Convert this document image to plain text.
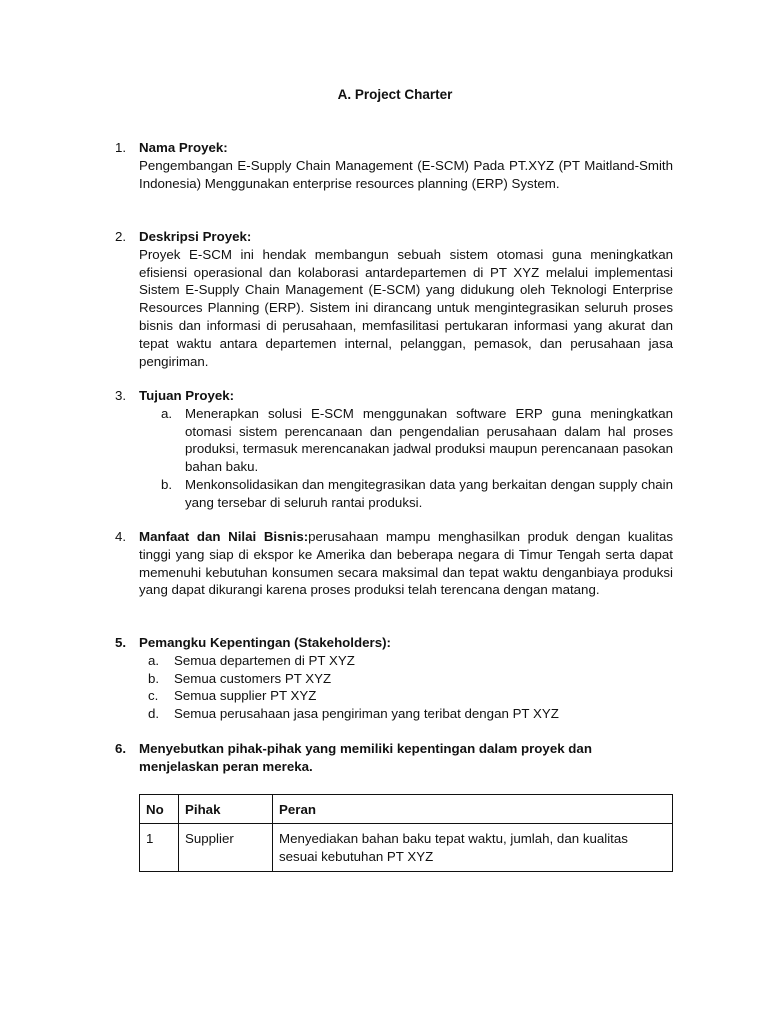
A. Project Charter
1. Nama Proyek:
Pengembangan E-Supply Chain Management (E-SCM) Pada PT.XYZ (PT Maitland-Smith Indonesia) Menggunakan enterprise resources planning (ERP) System.
2. Deskripsi Proyek:
Proyek E-SCM ini hendak membangun sebuah sistem otomasi guna meningkatkan efisiensi operasional dan kolaborasi antardepartemen di PT XYZ melalui implementasi Sistem E-Supply Chain Management (E-SCM) yang didukung oleh Teknologi Enterprise Resources Planning (ERP). Sistem ini dirancang untuk mengintegrasikan seluruh proses bisnis dan informasi di perusahaan, memfasilitasi pertukaran informasi yang akurat dan tepat waktu antara departemen internal, pelanggan, pemasok, dan perusahaan jasa pengiriman.
3. Tujuan Proyek:
a. Menerapkan solusi E-SCM menggunakan software ERP guna meningkatkan otomasi sistem perencanaan dan pengendalian perusahaan dalam hal proses produksi, termasuk merencanakan jadwal produksi maupun perencanaan pasokan bahan baku.
b. Menkonsolidasikan dan mengitegrasikan data yang berkaitan dengan supply chain yang tersebar di seluruh rantai produksi.
4. Manfaat dan Nilai Bisnis:perusahaan mampu menghasilkan produk dengan kualitas tinggi yang siap di ekspor ke Amerika dan beberapa negara di Timur Tengah serta dapat memenuhi kebutuhan konsumen secara maksimal dan tepat waktu denganbiaya produksi yang dapat dikurangi karena proses produksi telah terencana dengan matang.
5. Pemangku Kepentingan (Stakeholders):
a. Semua departemen di PT XYZ
b. Semua customers PT XYZ
c. Semua supplier PT XYZ
d. Semua perusahaan jasa pengiriman yang teribat dengan PT XYZ
6. Menyebutkan pihak-pihak yang memiliki kepentingan dalam proyek dan menjelaskan peran mereka.
No	Pihak	Peran
1	Supplier	Menyediakan bahan baku tepat waktu, jumlah, dan kualitas sesuai kebutuhan PT XYZ
